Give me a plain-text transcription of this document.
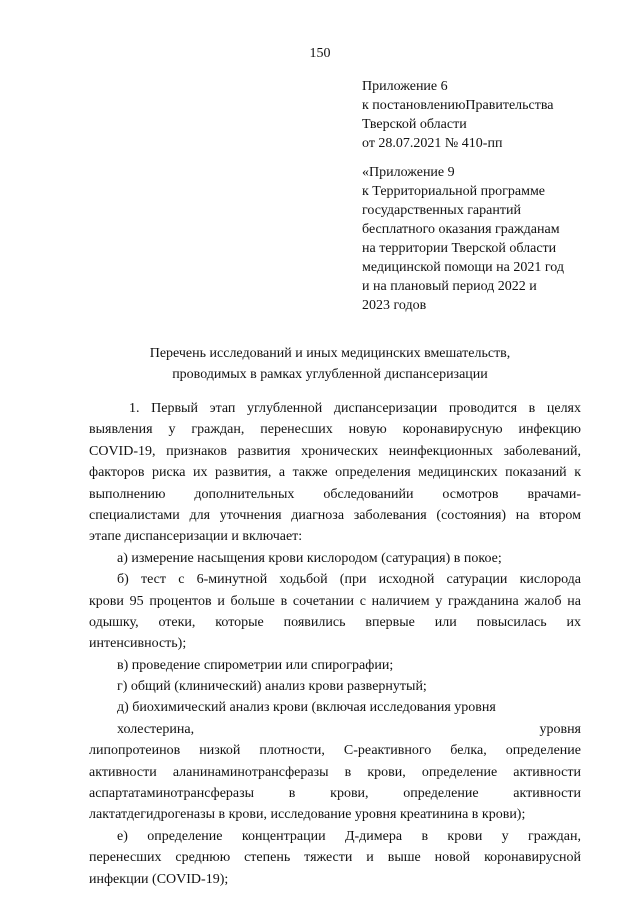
150
Приложение 6
к постановлениюПравительства
Тверской области
от 28.07.2021 № 410-пп
«Приложение 9
к Территориальной программе
государственных гарантий
бесплатного оказания гражданам
на территории Тверской области
медицинской помощи на 2021 год
и на плановый период 2022 и
2023 годов
Перечень исследований и иных медицинских вмешательств,
проводимых в рамках углубленной диспансеризации
1. Первый этап углубленной диспансеризации проводится в целях
выявления у граждан, перенесших новую коронавирусную инфекцию
COVID-19, признаков развития хронических неинфекционных заболеваний,
факторов риска их развития, а также определения медицинских показаний к
выполнению дополнительных обследованийи осмотров врачами-
специалистами для уточнения диагноза заболевания (состояния) на втором
этапе диспансеризации и включает:
а) измерение насыщения крови кислородом (сатурация) в покое;
б) тест с 6-минутной ходьбой (при исходной сатурации кислорода
крови 95 процентов и больше в сочетании с наличием у гражданина жалоб на
одышку, отеки, которые появились впервые или повысилась их
интенсивность);
в) проведение спирометрии или спирографии;
г) общий (клинический) анализ крови развернутый;
д) биохимический анализ крови (включая исследования уровня
холестерина,	уровня
липопротеинов низкой плотности, С-реактивного белка, определение
активности аланинаминотрансферазы в крови, определение активности
аспартатаминотрансферазы в крови, определение активности
лактатдегидрогеназы в крови, исследование уровня креатинина в крови);
е) определение концентрации Д-димера в крови у граждан,
перенесших среднюю степень тяжести и выше новой коронавирусной
инфекции (COVID-19);
